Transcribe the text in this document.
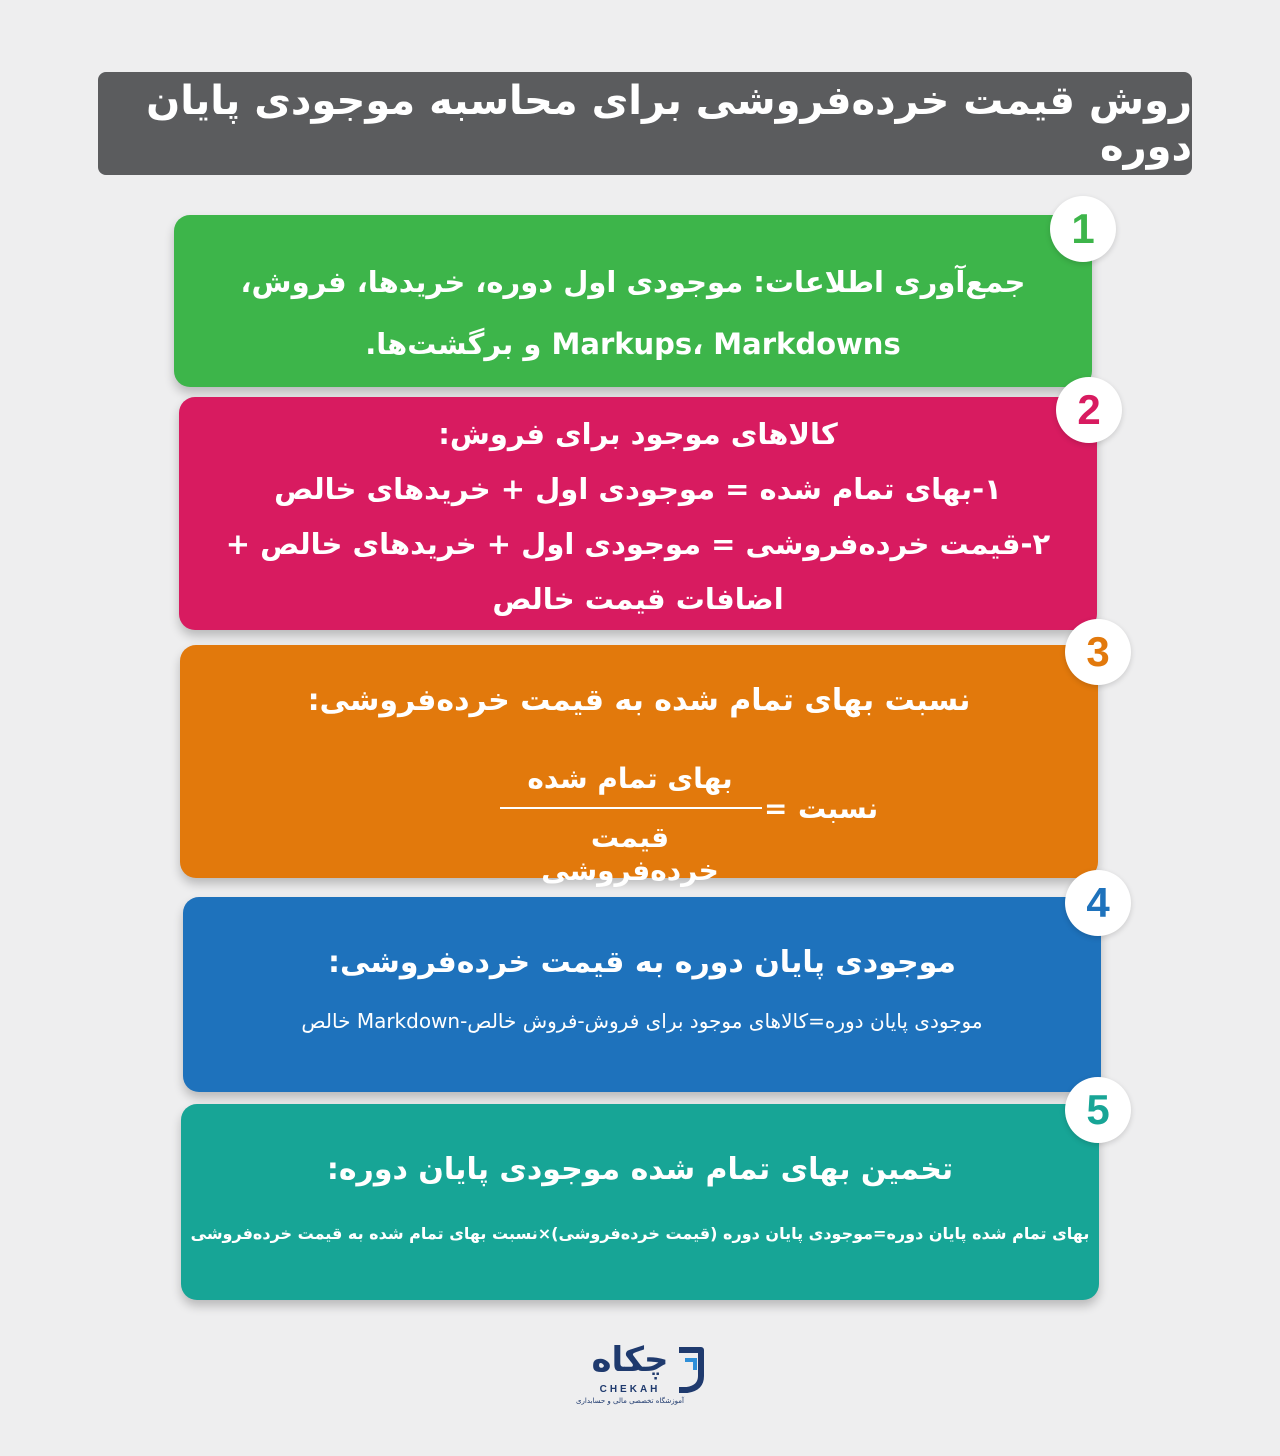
روش قیمت خرده‌فروشی برای محاسبه موجودی پایان دوره
جمع‌آوری اطلاعات: موجودی اول دوره، خریدها، فروش،
Markups، Markdowns و برگشت‌ها.
1
کالاهای موجود برای فروش:
۱-بهای تمام شده = موجودی اول + خریدهای خالص
۲-قیمت خرده‌فروشی = موجودی اول + خریدهای خالص +
اضافات قیمت خالص
2
نسبت بهای تمام شده به قیمت خرده‌فروشی:
نسبت
=
بهای تمام شده
قیمت خرده‌فروشی
3
موجودی پایان دوره به قیمت خرده‌فروشی:
موجودی پایان دوره=کالاهای موجود برای فروش-فروش خالص-Markdown خالص
4
تخمین بهای تمام شده موجودی پایان دوره:
بهای تمام شده پایان دوره=موجودی پایان دوره (قیمت خرده‌فروشی)×نسبت بهای تمام شده به قیمت خرده‌فروشی
5
چکاه
CHEKAH
آموزشگاه تخصصی مالی و حسابداری
